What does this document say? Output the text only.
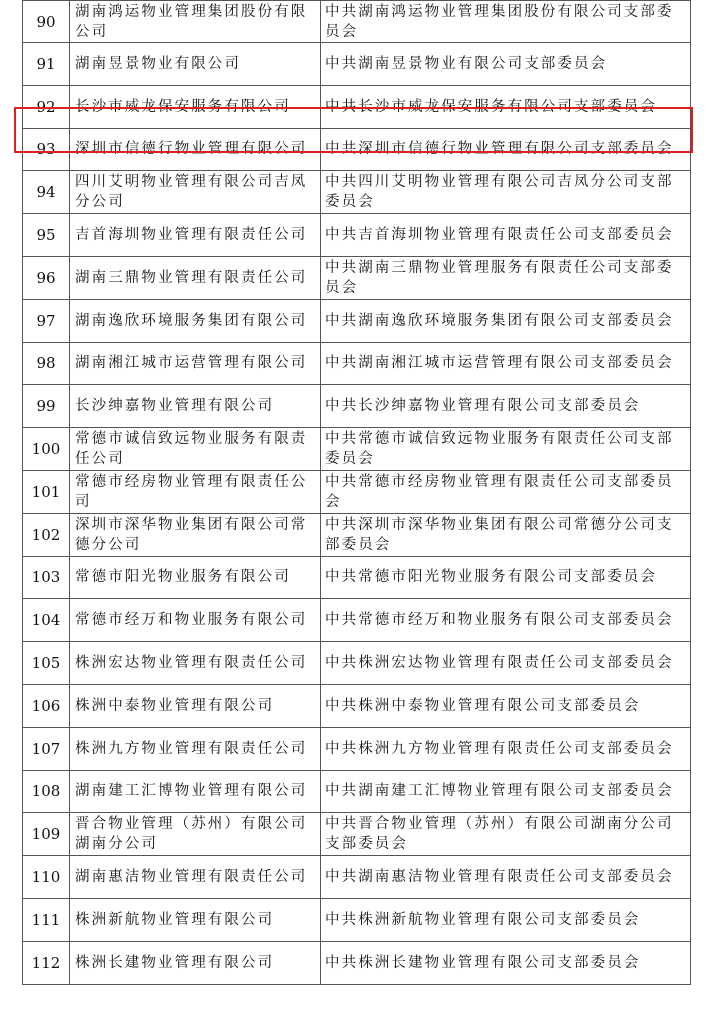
90	湖南鸿运物业管理集团股份有限公司	中共湖南鸿运物业管理集团股份有限公司支部委员会
91	湖南昱景物业有限公司	中共湖南昱景物业有限公司支部委员会
92	长沙市威龙保安服务有限公司	中共长沙市威龙保安服务有限公司支部委员会
93	深圳市信德行物业管理有限公司	中共深圳市信德行物业管理有限公司支部委员会
94	四川艾明物业管理有限公司吉凤分公司	中共四川艾明物业管理有限公司吉凤分公司支部委员会
95	吉首海圳物业管理有限责任公司	中共吉首海圳物业管理有限责任公司支部委员会
96	湖南三鼎物业管理有限责任公司	中共湖南三鼎物业管理服务有限责任公司支部委员会
97	湖南逸欣环境服务集团有限公司	中共湖南逸欣环境服务集团有限公司支部委员会
98	湖南湘江城市运营管理有限公司	中共湖南湘江城市运营管理有限公司支部委员会
99	长沙绅嘉物业管理有限公司	中共长沙绅嘉物业管理有限公司支部委员会
100	常德市诚信致远物业服务有限责任公司	中共常德市诚信致远物业服务有限责任公司支部委员会
101	常德市经房物业管理有限责任公司	中共常德市经房物业管理有限责任公司支部委员会
102	深圳市深华物业集团有限公司常德分公司	中共深圳市深华物业集团有限公司常德分公司支部委员会
103	常德市阳光物业服务有限公司	中共常德市阳光物业服务有限公司支部委员会
104	常德市经万和物业服务有限公司	中共常德市经万和物业服务有限公司支部委员会
105	株洲宏达物业管理有限责任公司	中共株洲宏达物业管理有限责任公司支部委员会
106	株洲中泰物业管理有限公司	中共株洲中泰物业管理有限公司支部委员会
107	株洲九方物业管理有限责任公司	中共株洲九方物业管理有限责任公司支部委员会
108	湖南建工汇博物业管理有限公司	中共湖南建工汇博物业管理有限公司支部委员会
109	晋合物业管理（苏州）有限公司湖南分公司	中共晋合物业管理（苏州）有限公司湖南分公司支部委员会
110	湖南惠洁物业管理有限责任公司	中共湖南惠洁物业管理有限责任公司支部委员会
111	株洲新航物业管理有限公司	中共株洲新航物业管理有限公司支部委员会
112	株洲长建物业管理有限公司	中共株洲长建物业管理有限公司支部委员会
